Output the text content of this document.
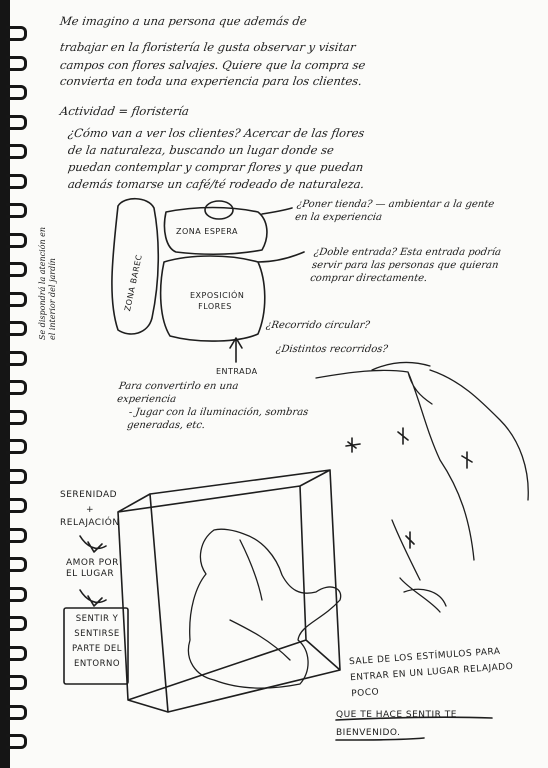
Me imagino a una persona que además de
trabajar en la floristería le gusta observar y visitar
campos con flores salvajes. Quiere que la compra se
convierta en toda una experiencia para los clientes.
Actividad = floristería
¿Cómo van a ver los clientes? Acercar de las flores
de la naturaleza, buscando un lugar donde se
puedan contemplar y comprar flores y que puedan
además tomarse un café/té rodeado de naturaleza.
Se dispondrá la atención en el interior del jardín	ZONA BAREC
ZONA ESPERA
EXPOSICIÓN FLORES
ENTRADA
¿Poner tienda? — ambientar a la gente en la experiencia
¿Doble entrada? Esta entrada podría servir para las personas que quieran comprar directamente.
¿Recorrido circular?
¿Distintos recorridos?
Para convertirlo en una experiencia
- Jugar con la iluminación, sombras generadas, etc.
SERENIDAD
+
RELAJACIÓN
AMOR POR EL LUGAR
SENTIR Y SENTIRSE PARTE DEL ENTORNO	SALE DE LOS ESTÍMULOS PARA ENTRAR EN UN LUGAR RELAJADO POCO
QUE TE HACE SENTIR TE BIENVENIDO.
